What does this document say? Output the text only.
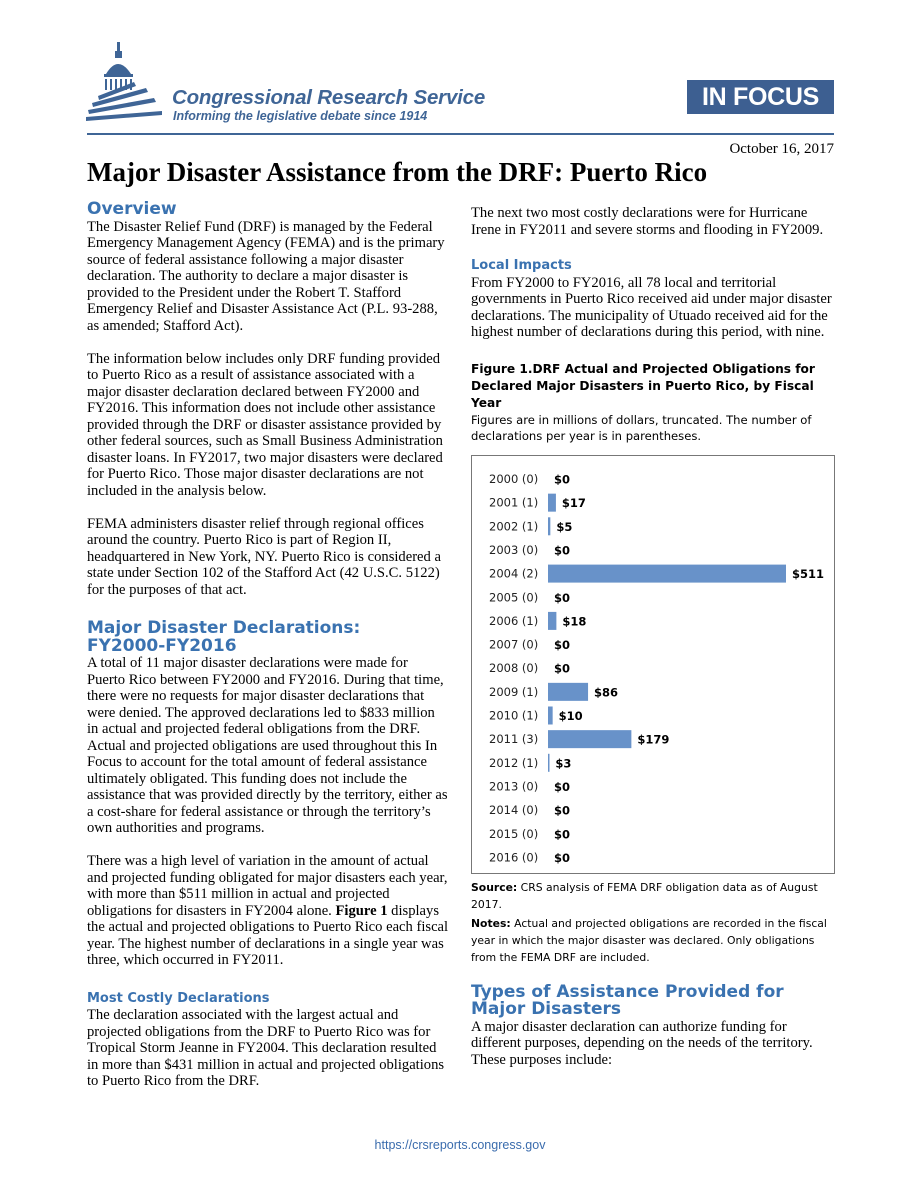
Congressional Research Service
Informing the legislative debate since 1914
IN FOCUS
October 16, 2017
Major Disaster Assistance from the DRF: Puerto Rico
Overview

The Disaster Relief Fund (DRF) is managed by the Federal Emergency Management Agency (FEMA) and is the primary source of federal assistance following a major disaster declaration. The authority to declare a major disaster is provided to the President under the Robert T. Stafford Emergency Relief and Disaster Assistance Act (P.L. 93-288, as amended; Stafford Act).

The information below includes only DRF funding provided to Puerto Rico as a result of assistance associated with a major disaster declaration declared between FY2000 and FY2016. This information does not include other assistance provided through the DRF or disaster assistance provided by other federal sources, such as Small Business Administration disaster loans. In FY2017, two major disasters were declared for Puerto Rico. Those major disaster declarations are not included in the analysis below.

FEMA administers disaster relief through regional offices around the country. Puerto Rico is part of Region II, headquartered in New York, NY. Puerto Rico is considered a state under Section 102 of the Stafford Act (42 U.S.C. 5122) for the purposes of that act.

Major Disaster Declarations: FY2000-FY2016

A total of 11 major disaster declarations were made for Puerto Rico between FY2000 and FY2016. During that time, there were no requests for major disaster declarations that were denied. The approved declarations led to $833 million in actual and projected federal obligations from the DRF. Actual and projected obligations are used throughout this In Focus to account for the total amount of federal assistance ultimately obligated. This funding does not include the assistance that was provided directly by the territory, either as a cost-share for federal assistance or through the territory’s own authorities and programs.

There was a high level of variation in the amount of actual and projected funding obligated for major disasters each year, with more than $511 million in actual and projected obligations for disasters in FY2004 alone. Figure 1 displays the actual and projected obligations to Puerto Rico each fiscal year. The highest number of declarations in a single year was three, which occurred in FY2011.

Most Costly Declarations

The declaration associated with the largest actual and projected obligations from the DRF to Puerto Rico was for Tropical Storm Jeanne in FY2004. This declaration resulted in more than $431 million in actual and projected obligations to Puerto Rico from the DRF.

The next two most costly declarations were for Hurricane Irene in FY2011 and severe storms and flooding in FY2009.

Local Impacts

From FY2000 to FY2016, all 78 local and territorial governments in Puerto Rico received aid under major disaster declarations. The municipality of Utuado received aid for the highest number of declarations during this period, with nine.

Figure 1.DRF Actual and Projected Obligations for Declared Major Disasters in Puerto Rico, by Fiscal Year

Figures are in millions of dollars, truncated. The number of declarations per year is in parentheses.

2000 (0) $0
2001 (1) $17
2002 (1) $5
2003 (0) $0
2004 (2)	$511
2005 (0) $0
2006 (1) $18
2007 (0) $0
2008 (0) $0
2009 (1)	$86
2010 (1) $10
2011 (3)	$179
2012 (1) $3
2013 (0) $0
2014 (0) $0
2015 (0) $0
2016 (0) $0

Source: CRS analysis of FEMA DRF obligation data as of August 2017.

Notes: Actual and projected obligations are recorded in the fiscal year in which the major disaster was declared. Only obligations from the FEMA DRF are included.

Types of Assistance Provided for Major Disasters

A major disaster declaration can authorize funding for different purposes, depending on the needs of the territory. These purposes include:

https://crsreports.congress.gov
